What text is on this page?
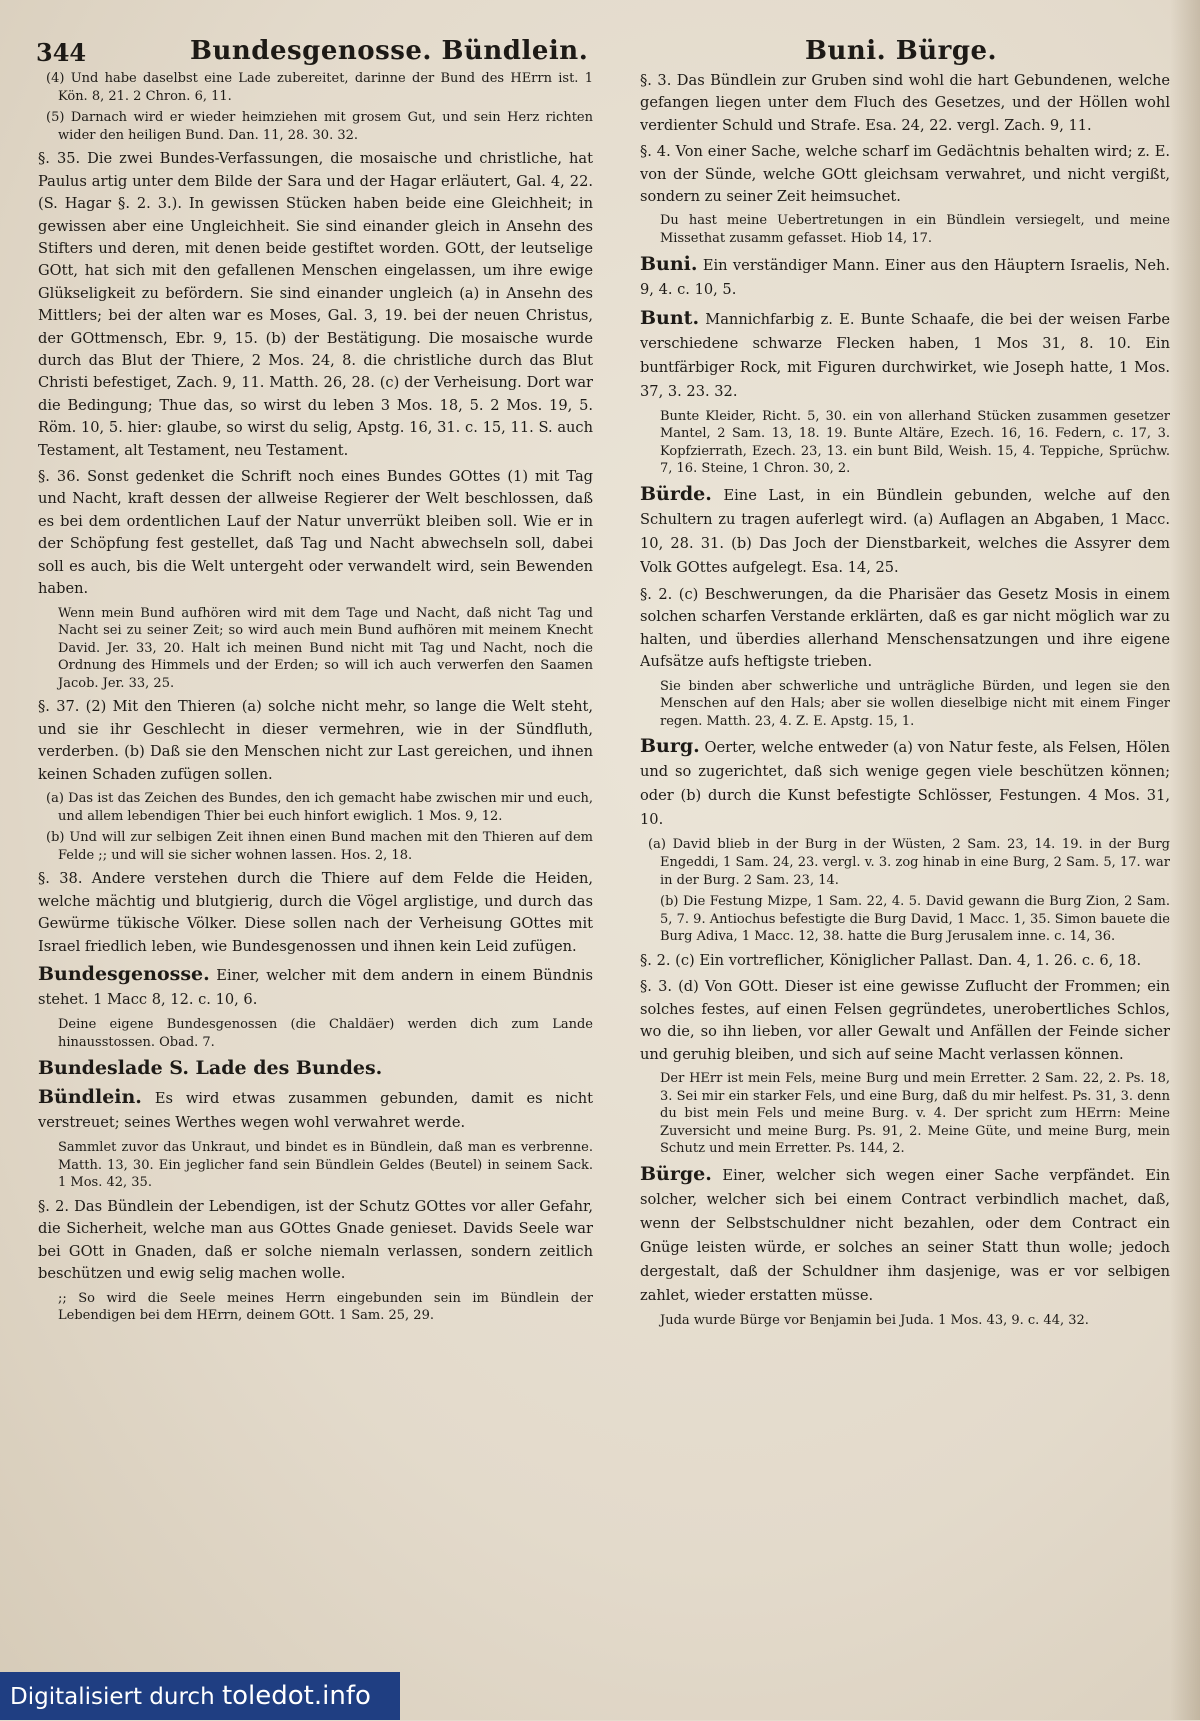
344	Bundesgenosse. Bündlein.	Buni. Bürge.

(4) Und habe daselbst eine Lade zubereitet, darinne der Bund des HErrn ist. 1 Kön. 8, 21. 2 Chron. 6, 11.

(5) Darnach wird er wieder heimziehen mit grosem Gut, und sein Herz richten wider den heiligen Bund. Dan. 11, 28. 30. 32.

§. 35. Die zwei Bundes-Verfassungen, die mosaische und christliche, hat Paulus artig unter dem Bilde der Sara und der Hagar erläutert, Gal. 4, 22. (S. Hagar §. 2. 3.). In gewissen Stücken haben beide eine Gleichheit; in gewissen aber eine Ungleichheit. Sie sind einander gleich in Ansehn des Stifters und deren, mit denen beide gestiftet worden. GOtt, der leutselige GOtt, hat sich mit den gefallenen Menschen eingelassen, um ihre ewige Glükseligkeit zu befördern. Sie sind einander ungleich (a) in Ansehn des Mittlers; bei der alten war es Moses, Gal. 3, 19. bei der neuen Christus, der GOttmensch, Ebr. 9, 15. (b) der Bestätigung. Die mosaische wurde durch das Blut der Thiere, 2 Mos. 24, 8. die christliche durch das Blut Christi befestiget, Zach. 9, 11. Matth. 26, 28. (c) der Verheisung. Dort war die Bedingung; Thue das, so wirst du leben 3 Mos. 18, 5. 2 Mos. 19, 5. Röm. 10, 5. hier: glaube, so wirst du selig, Apstg. 16, 31. c. 15, 11. S. auch Testament, alt Testament, neu Testament.

§. 36. Sonst gedenket die Schrift noch eines Bundes GOttes (1) mit Tag und Nacht, kraft dessen der allweise Regierer der Welt beschlossen, daß es bei dem ordentlichen Lauf der Natur unverrükt bleiben soll. Wie er in der Schöpfung fest gestellet, daß Tag und Nacht abwechseln soll, dabei soll es auch, bis die Welt untergeht oder verwandelt wird, sein Bewenden haben.

Wenn mein Bund aufhören wird mit dem Tage und Nacht, daß nicht Tag und Nacht sei zu seiner Zeit; so wird auch mein Bund aufhören mit meinem Knecht David. Jer. 33, 20. Halt ich meinen Bund nicht mit Tag und Nacht, noch die Ordnung des Himmels und der Erden; so will ich auch verwerfen den Saamen Jacob. Jer. 33, 25.

§. 37. (2) Mit den Thieren (a) solche nicht mehr, so lange die Welt steht, und sie ihr Geschlecht in dieser vermehren, wie in der Sündfluth, verderben. (b) Daß sie den Menschen nicht zur Last gereichen, und ihnen keinen Schaden zufügen sollen.

(a) Das ist das Zeichen des Bundes, den ich gemacht habe zwischen mir und euch, und allem lebendigen Thier bei euch hinfort ewiglich. 1 Mos. 9, 12.

(b) Und will zur selbigen Zeit ihnen einen Bund machen mit den Thieren auf dem Felde ;; und will sie sicher wohnen lassen. Hos. 2, 18.

§. 38. Andere verstehen durch die Thiere auf dem Felde die Heiden, welche mächtig und blutgierig, durch die Vögel arglistige, und durch das Gewürme tükische Völker. Diese sollen nach der Verheisung GOttes mit Israel friedlich leben, wie Bundesgenossen und ihnen kein Leid zufügen.

Bundesgenosse. Einer, welcher mit dem andern in einem Bündnis stehet. 1 Macc 8, 12. c. 10, 6.

Deine eigene Bundesgenossen (die Chaldäer) werden dich zum Lande hinausstossen. Obad. 7.

Bundeslade S. Lade des Bundes.

Bündlein. Es wird etwas zusammen gebunden, damit es nicht verstreuet; seines Werthes wegen wohl verwahret werde.

Sammlet zuvor das Unkraut, und bindet es in Bündlein, daß man es verbrenne. Matth. 13, 30. Ein jeglicher fand sein Bündlein Geldes (Beutel) in seinem Sack. 1 Mos. 42, 35.

§. 2. Das Bündlein der Lebendigen, ist der Schutz GOttes vor aller Gefahr, die Sicherheit, welche man aus GOttes Gnade genieset. Davids Seele war bei GOtt in Gnaden, daß er solche niemaln verlassen, sondern zeitlich beschützen und ewig selig machen wolle.

;; So wird die Seele meines Herrn eingebunden sein im Bündlein der Lebendigen bei dem HErrn, deinem GOtt. 1 Sam. 25, 29.

§. 3. Das Bündlein zur Gruben sind wohl die hart Gebundenen, welche gefangen liegen unter dem Fluch des Gesetzes, und der Höllen wohl verdienter Schuld und Strafe. Esa. 24, 22. vergl. Zach. 9, 11.

§. 4. Von einer Sache, welche scharf im Gedächtnis behalten wird; z. E. von der Sünde, welche GOtt gleichsam verwahret, und nicht vergißt, sondern zu seiner Zeit heimsuchet.

Du hast meine Uebertretungen in ein Bündlein versiegelt, und meine Missethat zusamm gefasset. Hiob 14, 17.

Buni. Ein verständiger Mann. Einer aus den Häuptern Israelis, Neh. 9, 4. c. 10, 5.

Bunt. Mannichfarbig z. E. Bunte Schaafe, die bei der weisen Farbe verschiedene schwarze Flecken haben, 1 Mos 31, 8. 10. Ein buntfärbiger Rock, mit Figuren durchwirket, wie Joseph hatte, 1 Mos. 37, 3. 23. 32.

Bunte Kleider, Richt. 5, 30. ein von allerhand Stücken zusammen gesetzer Mantel, 2 Sam. 13, 18. 19. Bunte Altäre, Ezech. 16, 16. Federn, c. 17, 3. Kopfzierrath, Ezech. 23, 13. ein bunt Bild, Weish. 15, 4. Teppiche, Sprüchw. 7, 16. Steine, 1 Chron. 30, 2.

Bürde. Eine Last, in ein Bündlein gebunden, welche auf den Schultern zu tragen auferlegt wird. (a) Auflagen an Abgaben, 1 Macc. 10, 28. 31. (b) Das Joch der Dienstbarkeit, welches die Assyrer dem Volk GOttes aufgelegt. Esa. 14, 25.

§. 2. (c) Beschwerungen, da die Pharisäer das Gesetz Mosis in einem solchen scharfen Verstande erklärten, daß es gar nicht möglich war zu halten, und überdies allerhand Menschensatzungen und ihre eigene Aufsätze aufs heftigste trieben.

Sie binden aber schwerliche und unträgliche Bürden, und legen sie den Menschen auf den Hals; aber sie wollen dieselbige nicht mit einem Finger regen. Matth. 23, 4. Z. E. Apstg. 15, 1.

Burg. Oerter, welche entweder (a) von Natur feste, als Felsen, Hölen und so zugerichtet, daß sich wenige gegen viele beschützen können; oder (b) durch die Kunst befestigte Schlösser, Festungen. 4 Mos. 31, 10.

(a) David blieb in der Burg in der Wüsten, 2 Sam. 23, 14. 19. in der Burg Engeddi, 1 Sam. 24, 23. vergl. v. 3. zog hinab in eine Burg, 2 Sam. 5, 17. war in der Burg. 2 Sam. 23, 14.

(b) Die Festung Mizpe, 1 Sam. 22, 4. 5. David gewann die Burg Zion, 2 Sam. 5, 7. 9. Antiochus befestigte die Burg David, 1 Macc. 1, 35. Simon bauete die Burg Adiva, 1 Macc. 12, 38. hatte die Burg Jerusalem inne. c. 14, 36.

§. 2. (c) Ein vortreflicher, Königlicher Pallast. Dan. 4, 1. 26. c. 6, 18.

§. 3. (d) Von GOtt. Dieser ist eine gewisse Zuflucht der Frommen; ein solches festes, auf einen Felsen gegründetes, unerobertliches Schlos, wo die, so ihn lieben, vor aller Gewalt und Anfällen der Feinde sicher und geruhig bleiben, und sich auf seine Macht verlassen können.

Der HErr ist mein Fels, meine Burg und mein Erretter. 2 Sam. 22, 2. Ps. 18, 3. Sei mir ein starker Fels, und eine Burg, daß du mir helfest. Ps. 31, 3. denn du bist mein Fels und meine Burg. v. 4. Der spricht zum HErrn: Meine Zuversicht und meine Burg. Ps. 91, 2. Meine Güte, und meine Burg, mein Schutz und mein Erretter. Ps. 144, 2.

Bürge. Einer, welcher sich wegen einer Sache verpfändet. Ein solcher, welcher sich bei einem Contract verbindlich machet, daß, wenn der Selbstschuldner nicht bezahlen, oder dem Contract ein Gnüge leisten würde, er solches an seiner Statt thun wolle; jedoch dergestalt, daß der Schuldner ihm dasjenige, was er vor selbigen zahlet, wieder erstatten müsse.

Juda wurde Bürge vor Benjamin bei Juda. 1 Mos. 43, 9. c. 44, 32.

Digitalisiert durch toledot.info
